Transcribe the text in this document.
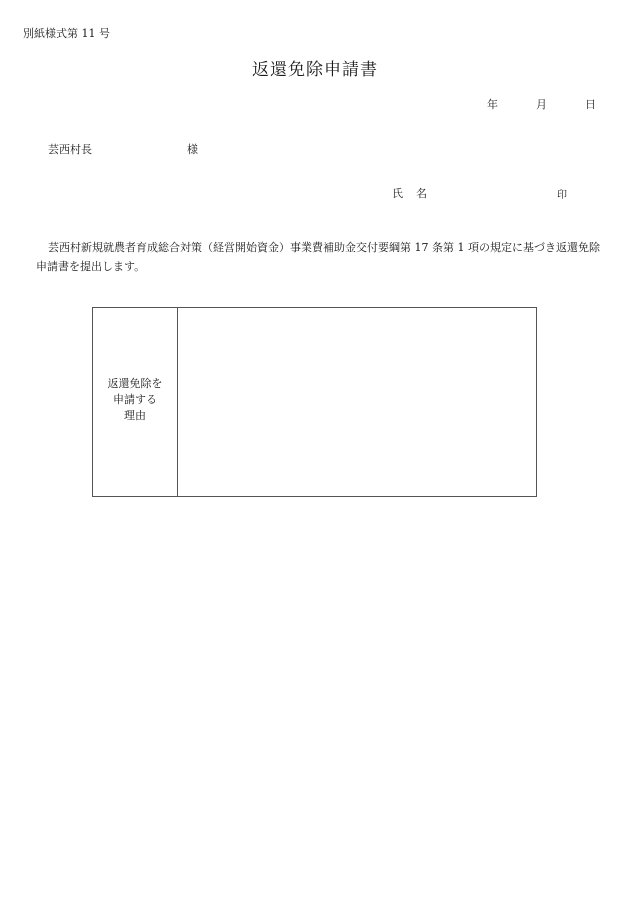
別紙様式第 11 号
返還免除申請書
年	月	日
芸西村長	様
氏　名	印
芸西村新規就農者育成総合対策（経営開始資金）事業費補助金交付要綱第 17 条第 1 項の規定に基づき返還免除申請書を提出します。
返還免除を
申請する
理由
